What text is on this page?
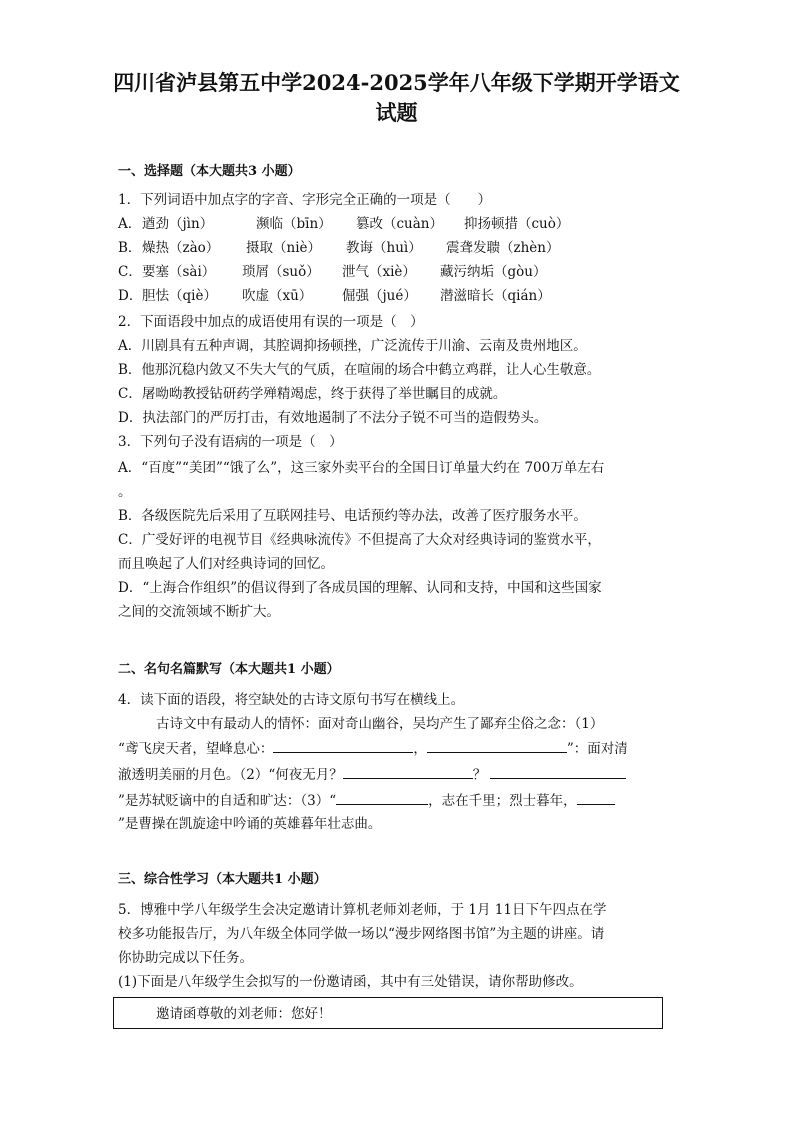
四川省泸县第五中学2024-2025学年八年级下学期开学语文
试题
一、选择题（本大题共3 小题）
1．下列词语中加点字的字音、字形完全正确的一项是（　　）
A．遒劲（jìn）	濒临（bīn） 篡改（cuàn） 抑扬顿措（cuò）
B．燥热（zào） 摄取（niè） 教诲（huì） 震聋发聩（zhèn）
C．要塞（sài） 琐屑（suǒ） 泄气（xiè） 藏污纳垢（gòu）
D．胆怯（qiè） 吹虚（xū） 倔强（jué） 潜滋暗长（qián）
2．下面语段中加点的成语使用有误的一项是（　）
A．川剧具有五种声调，其腔调抑扬顿挫，广泛流传于川渝、云南及贵州地区。
B．他那沉稳内敛又不失大气的气质，在喧闹的场合中鹤立鸡群，让人心生敬意。
C．屠呦呦教授钻研药学殚精竭虑，终于获得了举世瞩目的成就。
D．执法部门的严厉打击，有效地遏制了不法分子锐不可当的造假势头。
3．下列句子没有语病的一项是（　）
A．“百度”“美团”“饿了么”，这三家外卖平台的全国日订单量大约在 700万单左右
。
B．各级医院先后采用了互联网挂号、电话预约等办法，改善了医疗服务水平。
C．广受好评的电视节目《经典咏流传》不但提高了大众对经典诗词的鉴赏水平，
而且唤起了人们对经典诗词的回忆。
D．“上海合作组织”的倡议得到了各成员国的理解、认同和支持，中国和这些国家
之间的交流领域不断扩大。
二、名句名篇默写（本大题共1 小题）
4．读下面的语段，将空缺处的古诗文原句书写在横线上。
古诗文中有最动人的情怀：面对奇山幽谷，吴均产生了鄙弃尘俗之念：（1）
“鸢飞戾天者，望峰息心：	，	”：面对清
澈透明美丽的月色。（2）“何夜无月？	？
”是苏轼贬谪中的自适和旷达：（3）“	，志在千里；烈士暮年，
”是曹操在凯旋途中吟诵的英雄暮年壮志曲。
三、综合性学习（本大题共1 小题）
5．博雅中学八年级学生会决定邀请计算机老师刘老师，于 1月 11日下午四点在学
校多功能报告厅，为八年级全体同学做一场以“漫步网络图书馆”为主题的讲座。请
你协助完成以下任务。
(1)下面是八年级学生会拟写的一份邀请函，其中有三处错误，请你帮助修改。
邀请函尊敬的刘老师：您好！
